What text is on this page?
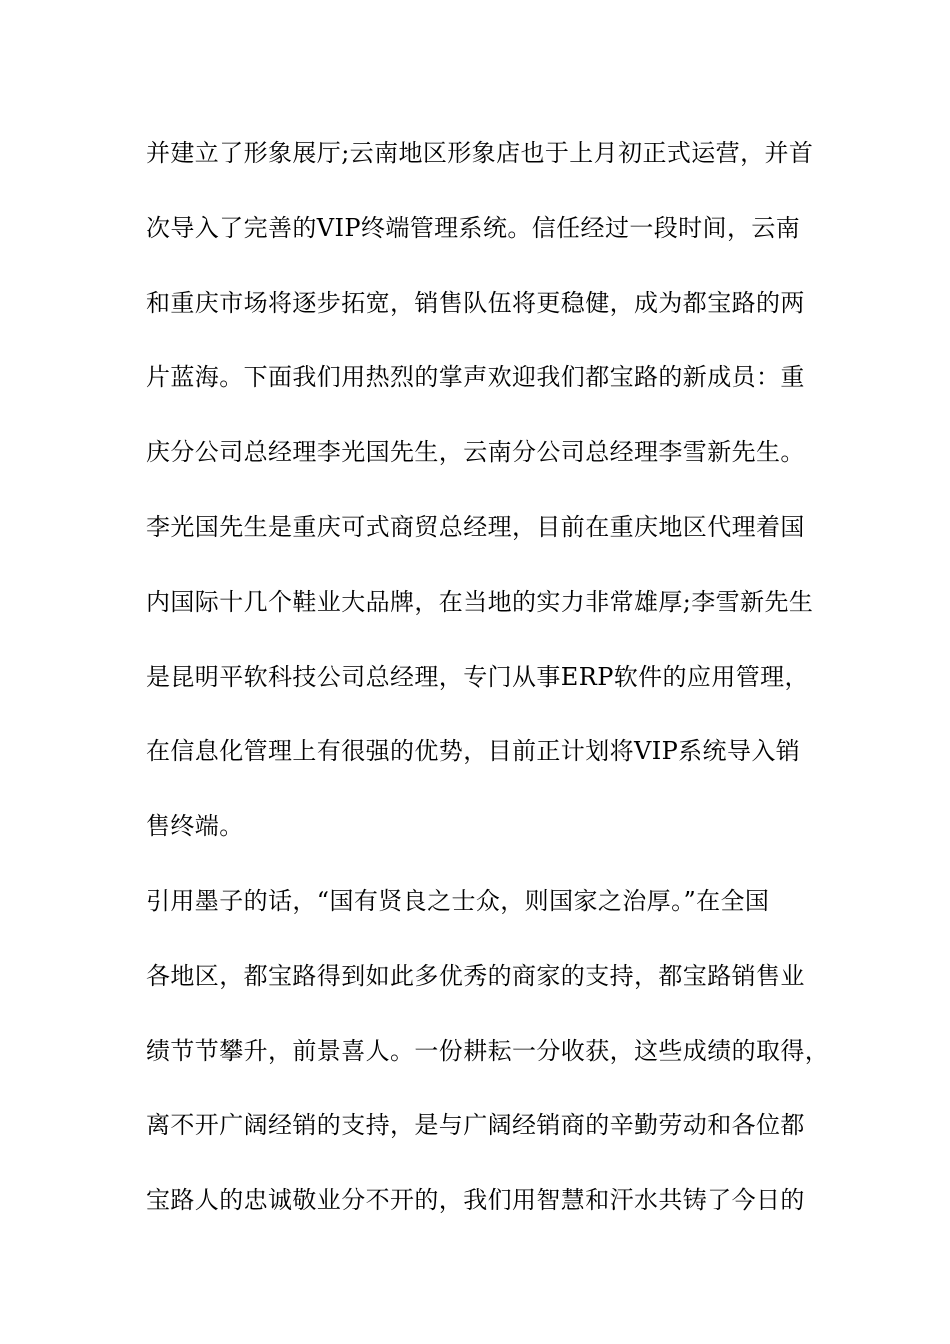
并建立了形象展厅;云南地区形象店也于上月初正式运营，并首
次导入了完善的VIP终端管理系统。信任经过一段时间，云南
和重庆市场将逐步拓宽，销售队伍将更稳健，成为都宝路的两
片蓝海。下面我们用热烈的掌声欢迎我们都宝路的新成员：重
庆分公司总经理李光国先生，云南分公司总经理李雪新先生。
李光国先生是重庆可式商贸总经理，目前在重庆地区代理着国
内国际十几个鞋业大品牌，在当地的实力非常雄厚;李雪新先生
是昆明平软科技公司总经理，专门从事ERP软件的应用管理，
在信息化管理上有很强的优势，目前正计划将VIP系统导入销
售终端。
引用墨子的话，“国有贤良之士众，则国家之治厚。”在全国
各地区，都宝路得到如此多优秀的商家的支持，都宝路销售业
绩节节攀升，前景喜人。一份耕耘一分收获，这些成绩的取得，
离不开广阔经销的支持，是与广阔经销商的辛勤劳动和各位都
宝路人的忠诚敬业分不开的，我们用智慧和汗水共铸了今日的
